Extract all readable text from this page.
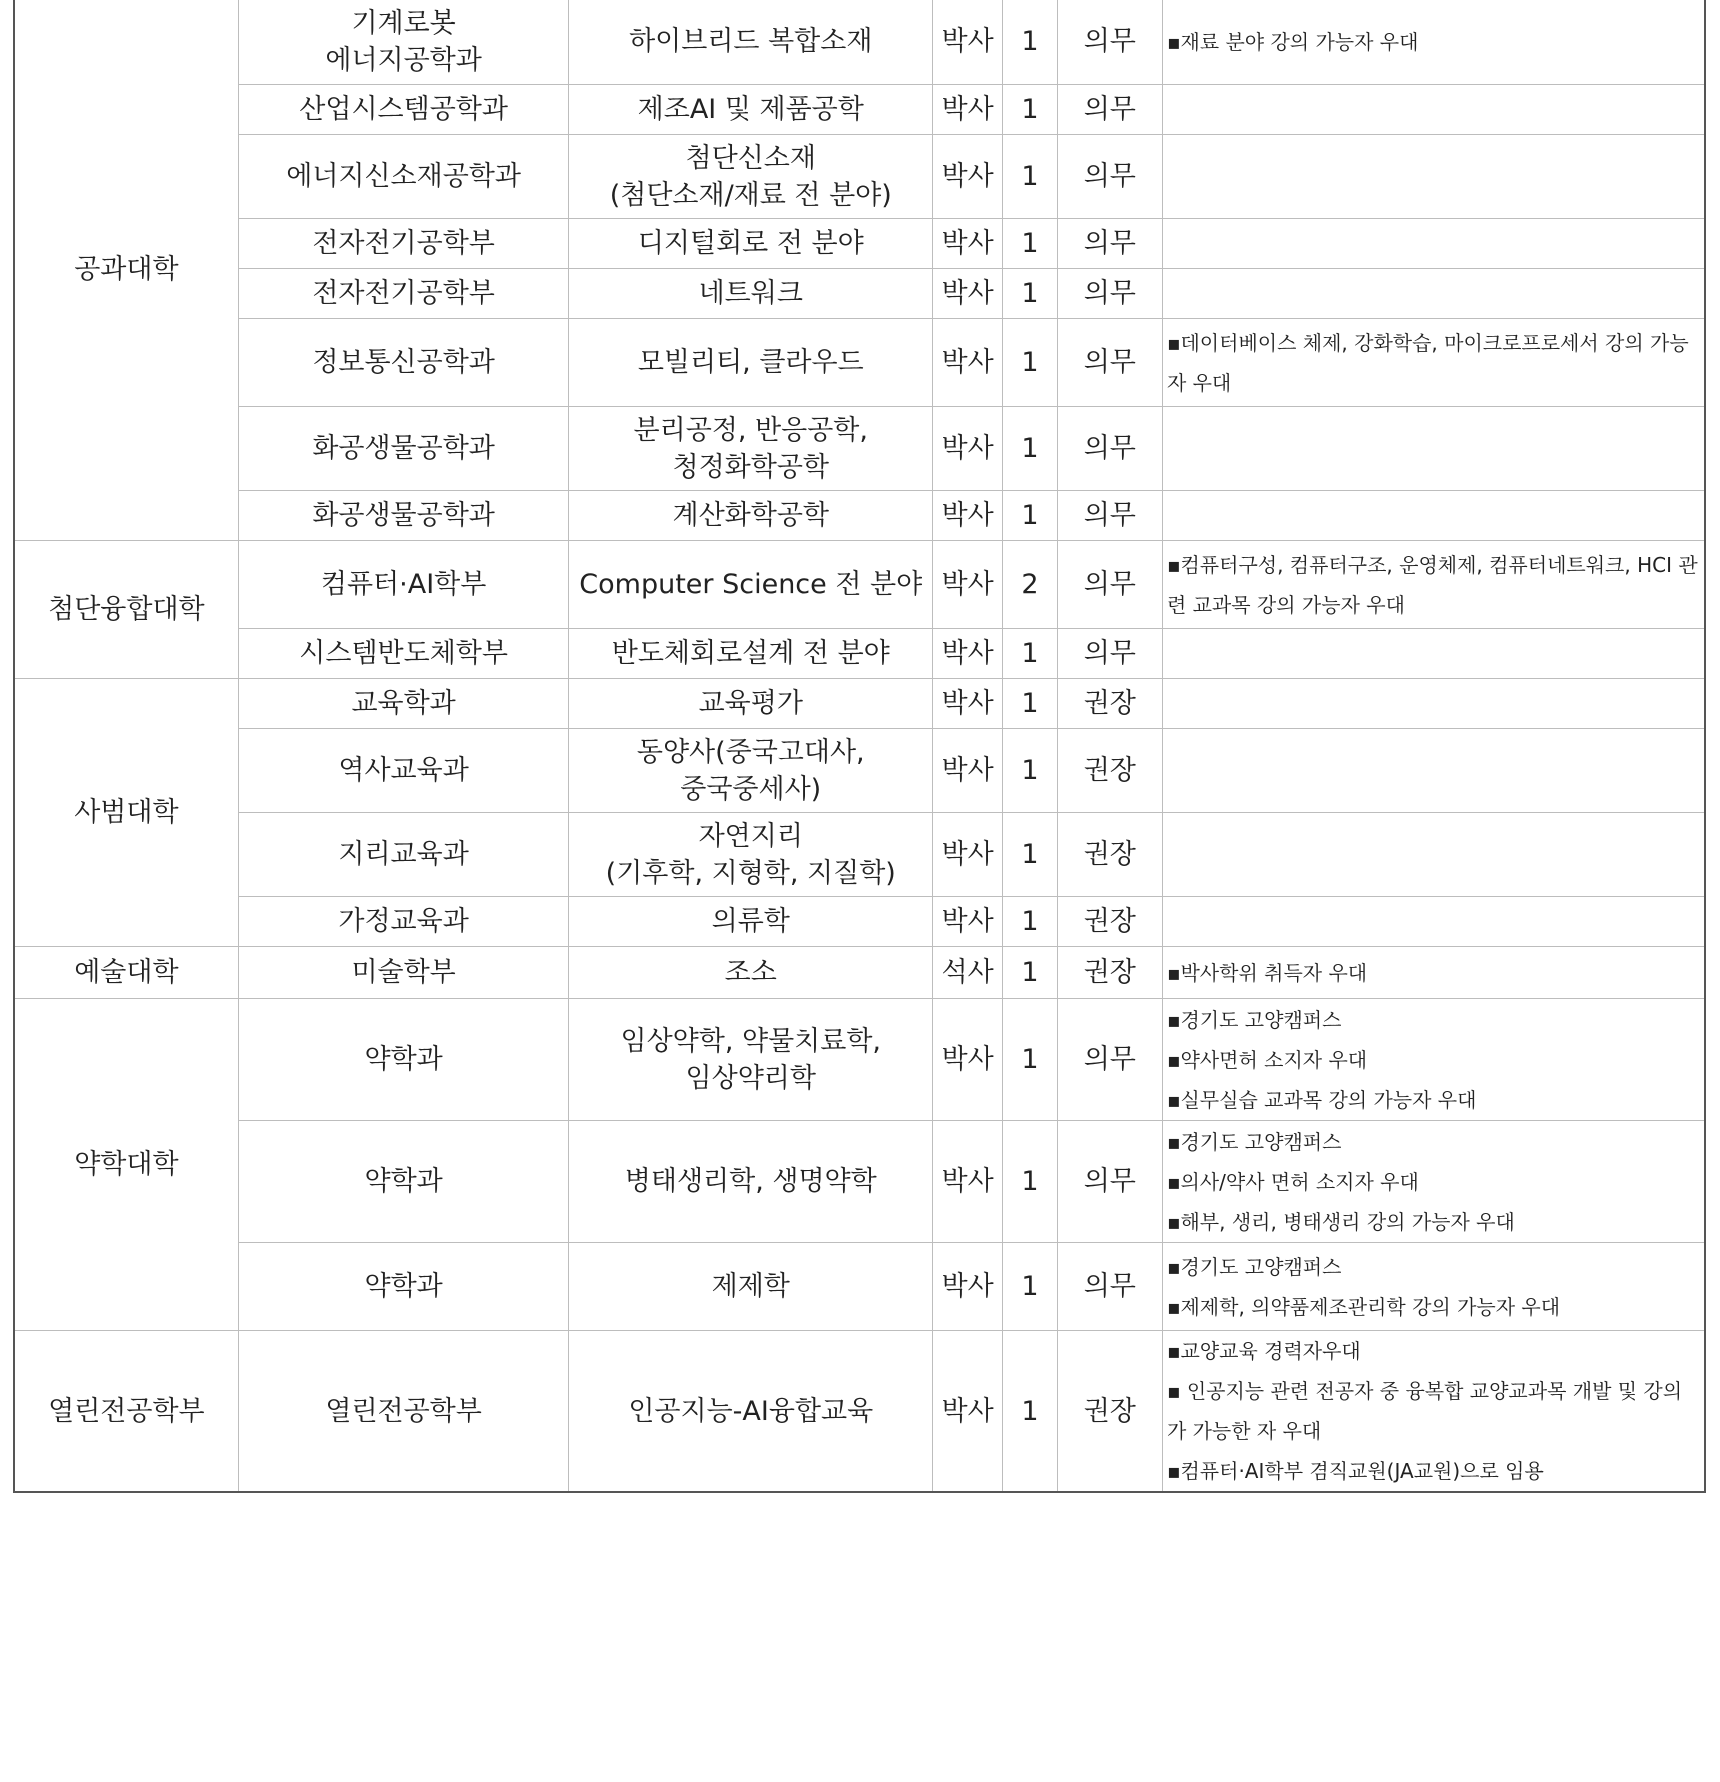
공과대학	기계로봇
에너지공학과	하이브리드 복합소재	박사	1	의무	▪재료 분야 강의 가능자 우대

	산업시스템공학과	제조AI 및 제품공학	박사	1	의무	

	에너지신소재공학과	첨단신소재
(첨단소재/재료 전 분야)	박사	1	의무	

	전자전기공학부	디지털회로 전 분야	박사	1	의무	

	전자전기공학부	네트워크	박사	1	의무	

	정보통신공학과	모빌리티, 클라우드	박사	1	의무	▪데이터베이스 체제, 강화학습, 마이크로프로세서 강의 가능자 우대

	화공생물공학과	분리공정, 반응공학,
청정화학공학	박사	1	의무	

	화공생물공학과	계산화학공학	박사	1	의무	
첨단융합대학	컴퓨터·AI학부	Computer Science 전 분야	박사	2	의무	▪컴퓨터구성, 컴퓨터구조, 운영체제, 컴퓨터네트워크, HCI 관련 교과목 강의 가능자 우대

	시스템반도체학부	반도체회로설계 전 분야	박사	1	의무	
사범대학	교육학과	교육평가	박사	1	권장	

	역사교육과	동양사(중국고대사,
중국중세사)	박사	1	권장	

	지리교육과	자연지리
(기후학, 지형학, 지질학)	박사	1	권장	

	가정교육과	의류학	박사	1	권장	
예술대학	미술학부	조소	석사	1	권장	▪박사학위 취득자 우대

약학대학	약학과	임상약학, 약물치료학,
임상약리학	박사	1	의무	▪경기도 고양캠퍼스
▪약사면허 소지자 우대
▪실무실습 교과목 강의 가능자 우대

	약학과	병태생리학, 생명약학	박사	1	의무	▪경기도 고양캠퍼스
▪의사/약사 면허 소지자 우대
▪해부, 생리, 병태생리 강의 가능자 우대

	약학과	제제학	박사	1	의무	▪경기도 고양캠퍼스
▪제제학, 의약품제조관리학 강의 가능자 우대

열린전공학부	열린전공학부	인공지능-AI융합교육	박사	1	권장	▪교양교육 경력자우대
▪ 인공지능 관련 전공자 중 융복합 교양교과목 개발 및 강의가 가능한 자 우대
▪컴퓨터·AI학부 겸직교원(JA교원)으로 임용
